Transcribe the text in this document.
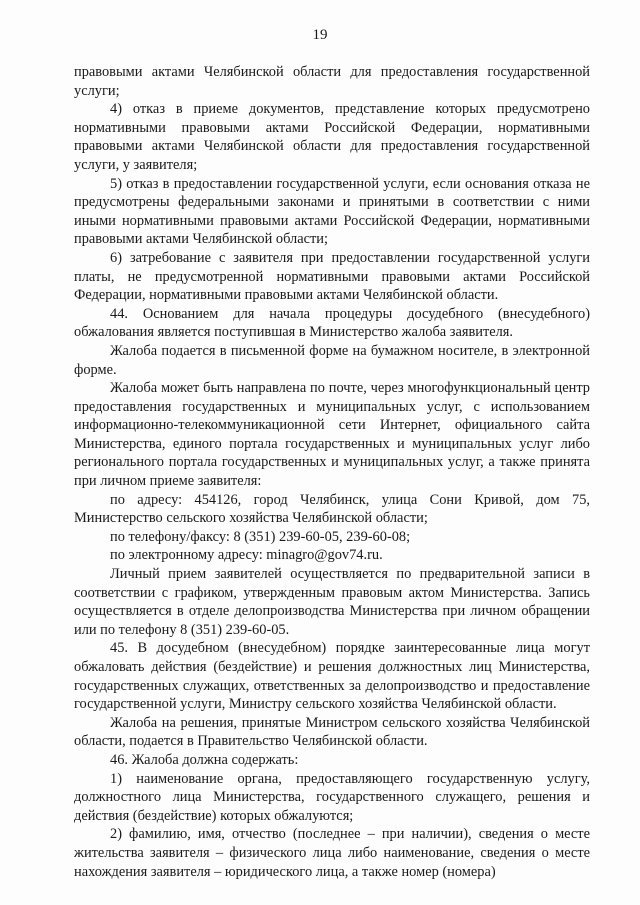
19

правовыми актами Челябинской области для предоставления государственной услуги;

4) отказ в приеме документов, представление которых предусмотрено нормативными правовыми актами Российской Федерации, нормативными правовыми актами Челябинской области для предоставления государственной услуги, у заявителя;

5) отказ в предоставлении государственной услуги, если основания отказа не предусмотрены федеральными законами и принятыми в соответствии с ними иными нормативными правовыми актами Российской Федерации, нормативными правовыми актами Челябинской области;

6) затребование с заявителя при предоставлении государственной услуги платы, не предусмотренной нормативными правовыми актами Российской Федерации, нормативными правовыми актами Челябинской области.

44. Основанием для начала процедуры досудебного (внесудебного) обжалования является поступившая в Министерство жалоба заявителя.

Жалоба подается в письменной форме на бумажном носителе, в электронной форме.

Жалоба может быть направлена по почте, через многофункциональный центр предоставления государственных и муниципальных услуг, с использованием информационно-телекоммуникационной сети Интернет, официального сайта Министерства, единого портала государственных и муниципальных услуг либо регионального портала государственных и муниципальных услуг, а также принята при личном приеме заявителя:

по адресу: 454126, город Челябинск, улица Сони Кривой, дом 75, Министерство сельского хозяйства Челябинской области;

по телефону/факсу: 8 (351) 239-60-05, 239-60-08;

по электронному адресу: minagro@gov74.ru.

Личный прием заявителей осуществляется по предварительной записи в соответствии с графиком, утвержденным правовым актом Министерства. Запись осуществляется в отделе делопроизводства Министерства при личном обращении или по телефону 8 (351) 239-60-05.

45. В досудебном (внесудебном) порядке заинтересованные лица могут обжаловать действия (бездействие) и решения должностных лиц Министерства, государственных служащих, ответственных за делопроизводство и предоставление государственной услуги, Министру сельского хозяйства Челябинской области.

Жалоба на решения, принятые Министром сельского хозяйства Челябинской области, подается в Правительство Челябинской области.

46. Жалоба должна содержать:

1) наименование органа, предоставляющего государственную услугу, должностного лица Министерства, государственного служащего, решения и действия (бездействие) которых обжалуются;

2) фамилию, имя, отчество (последнее – при наличии), сведения о месте жительства заявителя – физического лица либо наименование, сведения о месте нахождения заявителя – юридического лица, а также номер (номера)
